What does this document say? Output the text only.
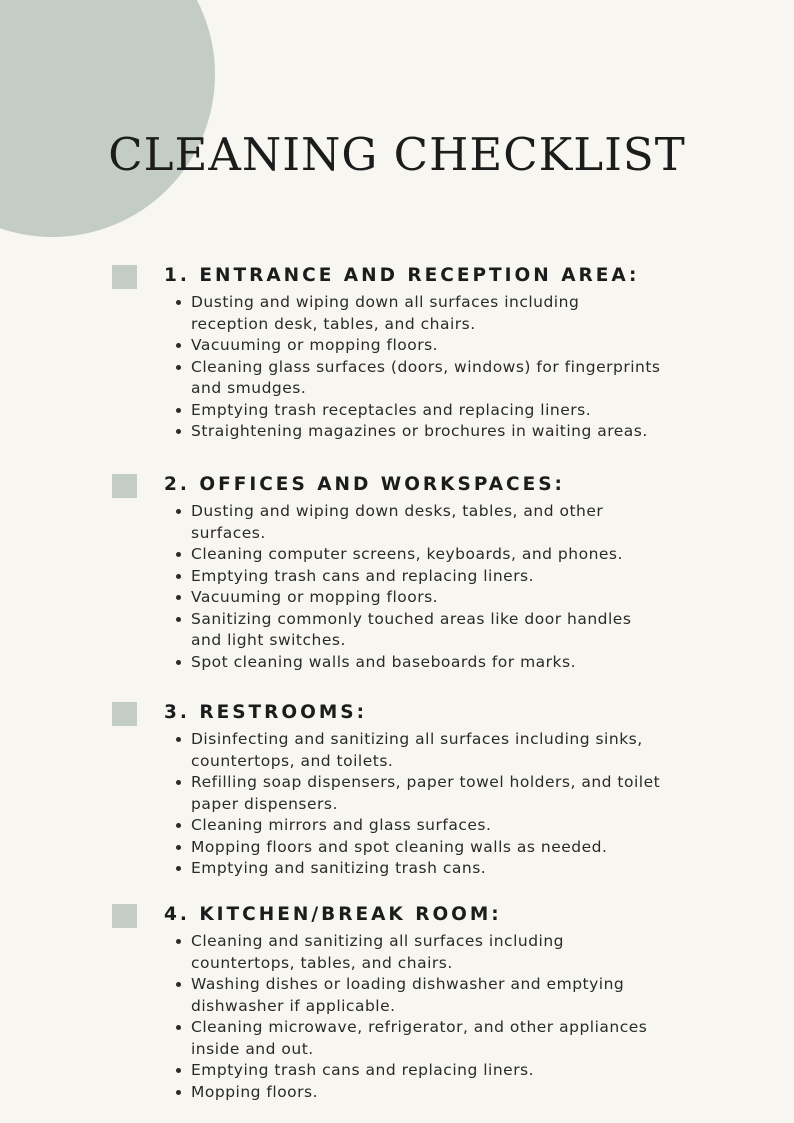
CLEANING CHECKLIST
1. ENTRANCE AND RECEPTION AREA:
Dusting and wiping down all surfaces including reception desk, tables, and chairs.
Vacuuming or mopping floors.
Cleaning glass surfaces (doors, windows) for fingerprints and smudges.
Emptying trash receptacles and replacing liners.
Straightening magazines or brochures in waiting areas.
2. OFFICES AND WORKSPACES:
Dusting and wiping down desks, tables, and other surfaces.
Cleaning computer screens, keyboards, and phones.
Emptying trash cans and replacing liners.
Vacuuming or mopping floors.
Sanitizing commonly touched areas like door handles and light switches.
Spot cleaning walls and baseboards for marks.
3. RESTROOMS:
Disinfecting and sanitizing all surfaces including sinks, countertops, and toilets.
Refilling soap dispensers, paper towel holders, and toilet paper dispensers.
Cleaning mirrors and glass surfaces.
Mopping floors and spot cleaning walls as needed.
Emptying and sanitizing trash cans.
4. KITCHEN/BREAK ROOM:
Cleaning and sanitizing all surfaces including countertops, tables, and chairs.
Washing dishes or loading dishwasher and emptying dishwasher if applicable.
Cleaning microwave, refrigerator, and other appliances inside and out.
Emptying trash cans and replacing liners.
Mopping floors.
